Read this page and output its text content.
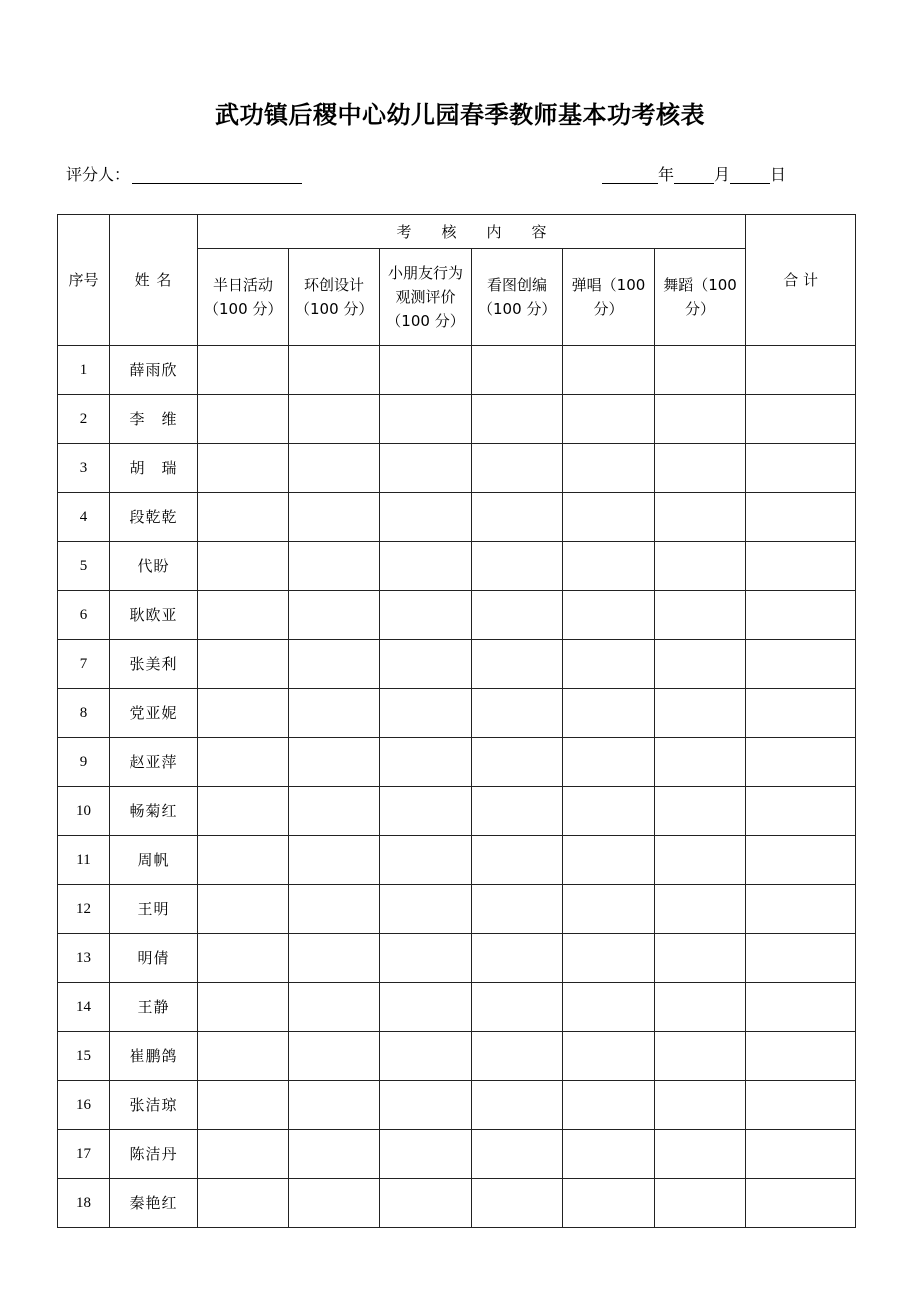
武功镇后稷中心幼儿园春季教师基本功考核表
评分人：	年	月	日
序号	姓 名	考　　核　　内　　容						合 计
		半日活动（100 分）	环创设计（100 分）	小朋友行为观测评价 （100 分）	看图创编（100 分）	弹唱（100 分）	舞蹈（100 分）	
1	薛雨欣							
2	李　维							
3	胡　瑞							
4	段乾乾							
5	代盼							
6	耿欧亚							
7	张美利							
8	党亚妮							
9	赵亚萍							
10	畅菊红							
11	周帆							
12	王明							
13	明倩							
14	王静							
15	崔鹏鸽							
16	张洁琼							
17	陈洁丹							
18	秦艳红							
